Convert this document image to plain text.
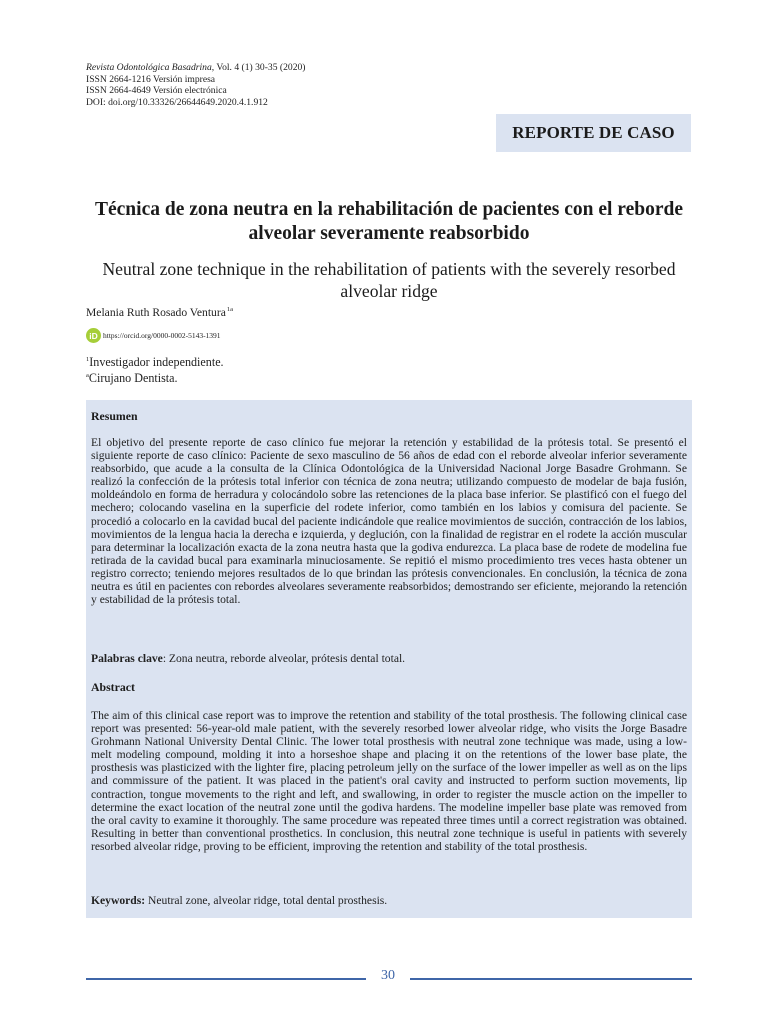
Revista Odontológica Basadrina, Vol. 4 (1) 30-35 (2020)
ISSN 2664-1216 Versión impresa
ISSN 2664-4649 Versión electrónica
DOI: doi.org/10.33326/26644649.2020.4.1.912
REPORTE DE CASO
Técnica de zona neutra en la rehabilitación de pacientes con el reborde alveolar severamente reabsorbido
Neutral zone technique in the rehabilitation of patients with the severely resorbed alveolar ridge
Melania Ruth Rosado Ventura$^{1a}$
iD https://orcid.org/0000-0002-5143-1391
$^1$Investigador independiente.
$^a$Cirujano Dentista.
Resumen

El objetivo del presente reporte de caso clínico fue mejorar la retención y estabilidad de la prótesis total. Se presentó el siguiente reporte de caso clínico: Paciente de sexo masculino de 56 años de edad con el reborde alveolar inferior severamente reabsorbido, que acude a la consulta de la Clínica Odontológica de la Universidad Nacional Jorge Basadre Grohmann. Se realizó la confección de la prótesis total inferior con técnica de zona neutra; utilizando compuesto de modelar de baja fusión, moldeándolo en forma de herradura y colocándolo sobre las retenciones de la placa base inferior. Se plastificó con el fuego del mechero; colocando vaselina en la superficie del rodete inferior, como también en los labios y comisura del paciente. Se procedió a colocarlo en la cavidad bucal del paciente indicándole que realice movimientos de succión, contracción de los labios, movimientos de la lengua hacia la derecha e izquierda, y deglución, con la finalidad de registrar en el rodete la acción muscular para determinar la localización exacta de la zona neutra hasta que la godiva endurezca. La placa base de rodete de modelina fue retirada de la cavidad bucal para examinarla minuciosamente. Se repitió el mismo procedimiento tres veces hasta obtener un registro correcto; teniendo mejores resultados de lo que brindan las prótesis convencionales. En conclusión, la técnica de zona neutra es útil en pacientes con rebordes alveolares severamente reabsorbidos; demostrando ser eficiente, mejorando la retención y estabilidad de la prótesis total.

Palabras clave: Zona neutra, reborde alveolar, prótesis dental total.
Abstract

The aim of this clinical case report was to improve the retention and stability of the total prosthesis. The following clinical case report was presented: 56-year-old male patient, with the severely resorbed lower alveolar ridge, who visits the Jorge Basadre Grohmann National University Dental Clinic. The lower total prosthesis with neutral zone technique was made, using a low-melt modeling compound, molding it into a horseshoe shape and placing it on the retentions of the lower base plate, the prosthesis was plasticized with the lighter fire, placing petroleum jelly on the surface of the lower impeller as well as on the lips and commissure of the patient. It was placed in the patient's oral cavity and instructed to perform suction movements, lip contraction, tongue movements to the right and left, and swallowing, in order to register the muscle action on the impeller to determine the exact location of the neutral zone until the godiva hardens. The modeline impeller base plate was removed from the oral cavity to examine it thoroughly. The same procedure was repeated three times until a correct registration was obtained. Resulting in better than conventional prosthetics. In conclusion, this neutral zone technique is useful in patients with severely resorbed alveolar ridge, proving to be efficient, improving the retention and stability of the total prosthesis.

Keywords: Neutral zone, alveolar ridge, total dental prosthesis.
30
